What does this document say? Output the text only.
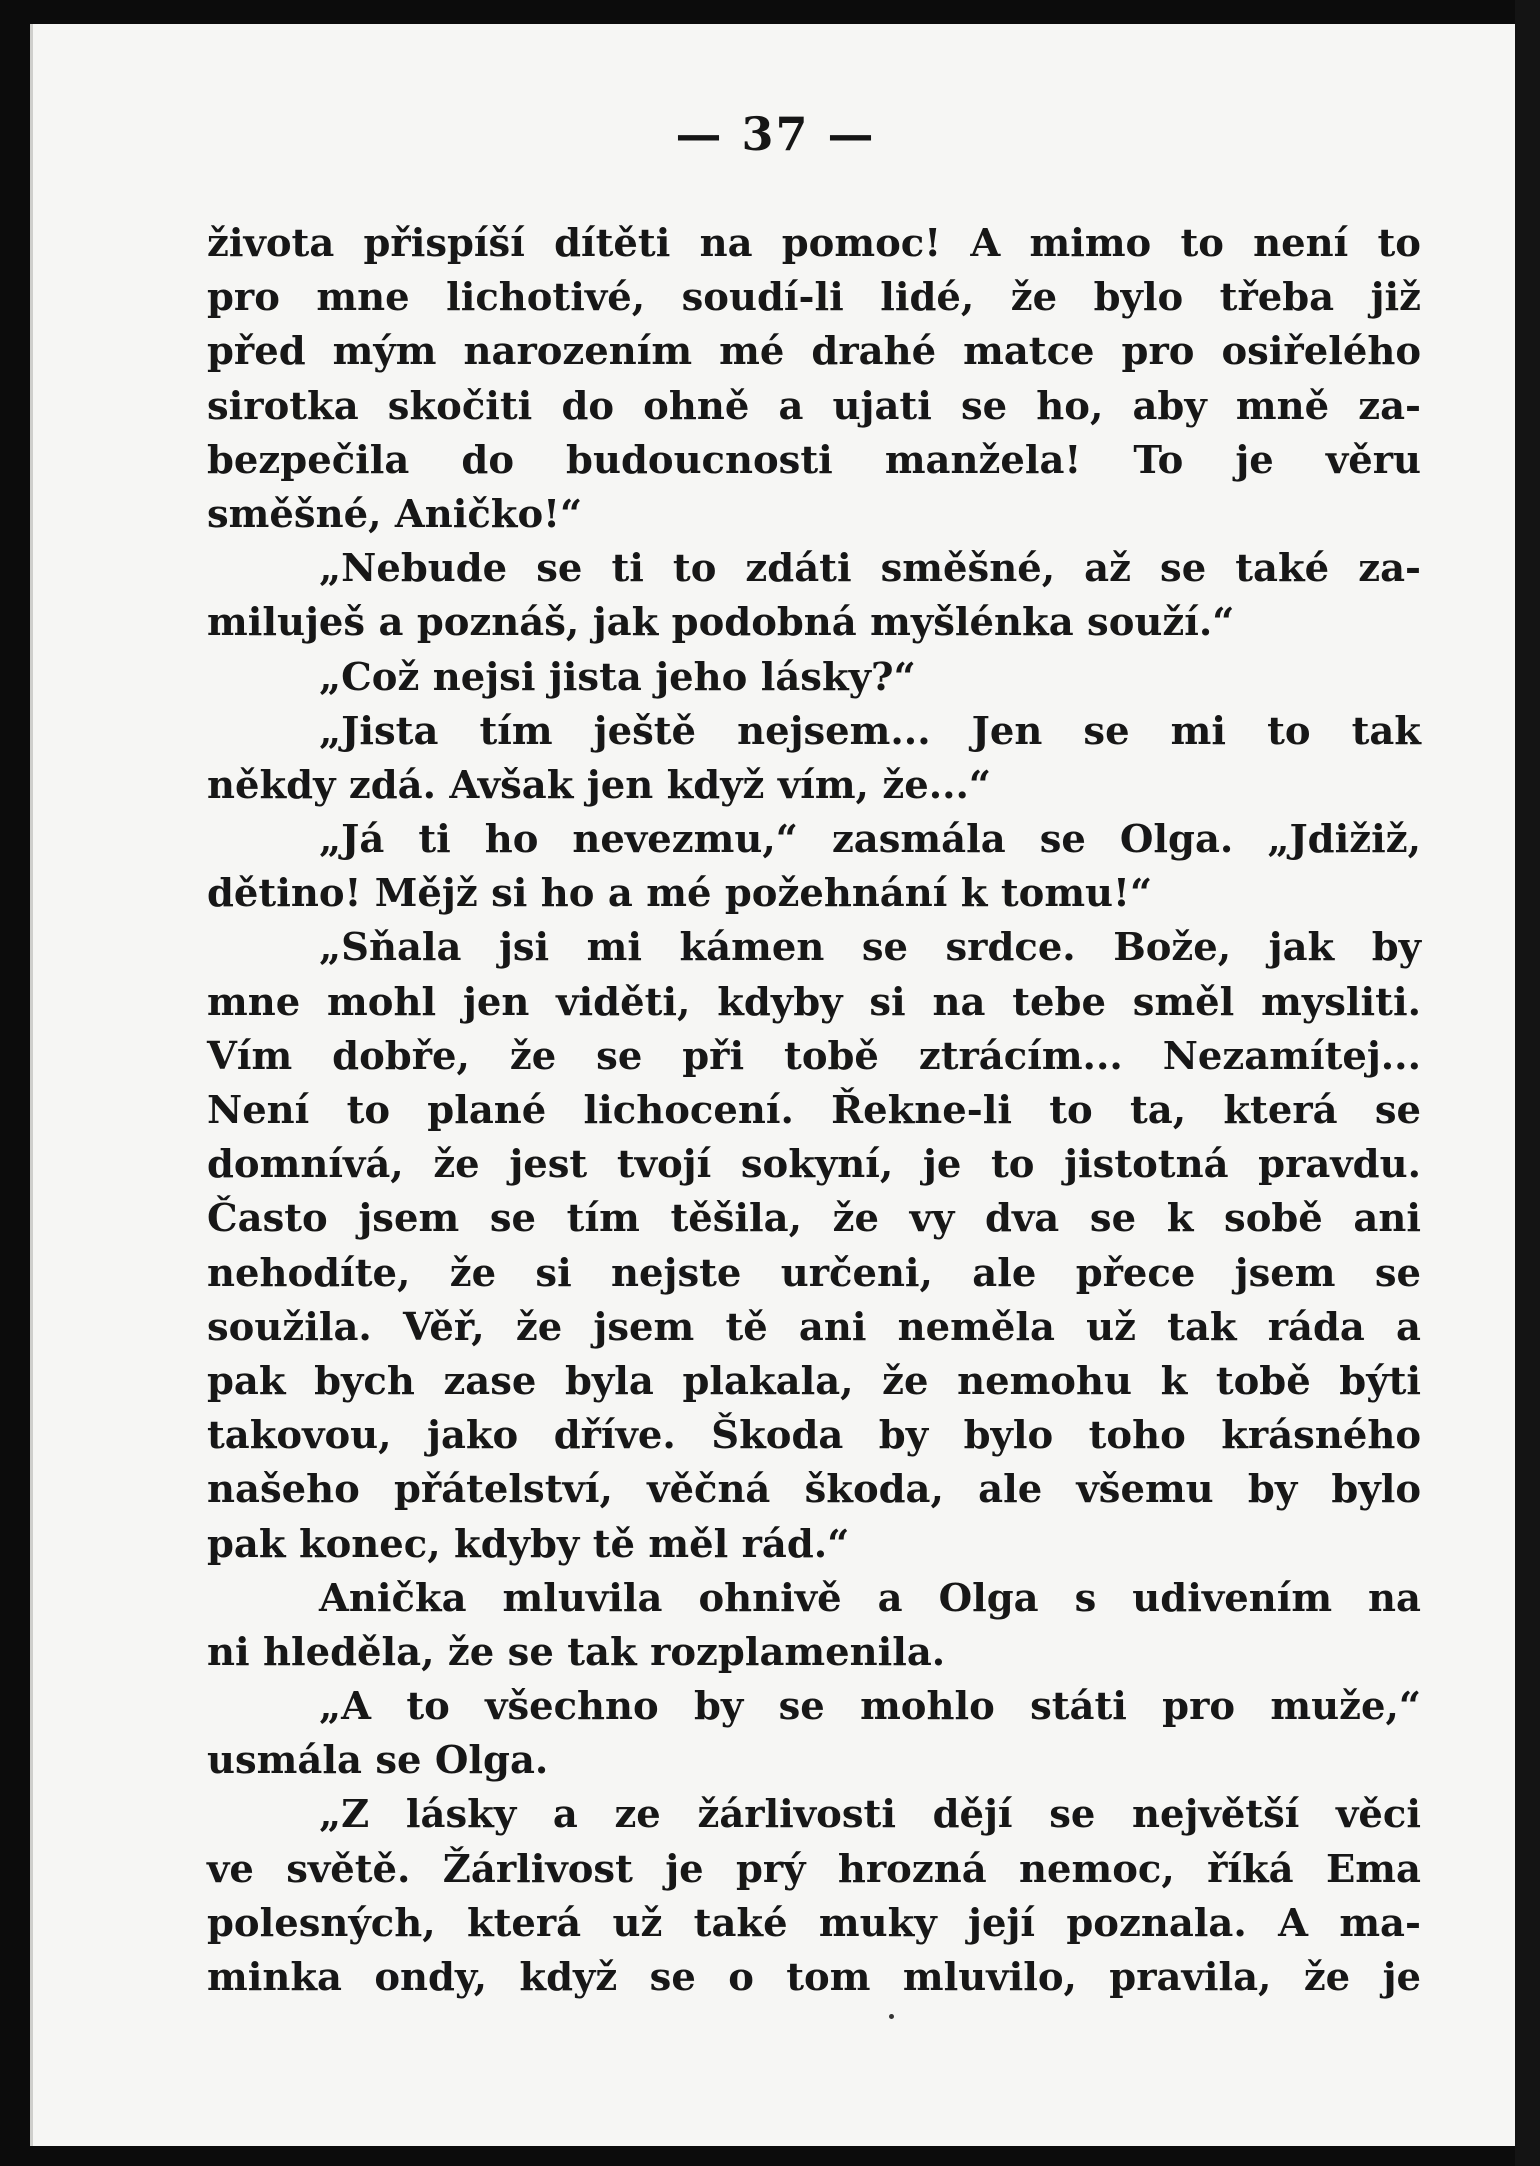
— 37 —
života přispíší dítěti na pomoc! A mimo to není to
pro mne lichotivé, soudí-li lidé, že bylo třeba již
před mým narozením mé drahé matce pro osiřelého
sirotka skočiti do ohně a ujati se ho, aby mně za-
bezpečila do budoucnosti manžela! To je věru
směšné, Aničko!“
„Nebude se ti to zdáti směšné, až se také za-
miluješ a poznáš, jak podobná myšlénka souží.“
„Což nejsi jista jeho lásky?“
„Jista tím ještě nejsem... Jen se mi to tak
někdy zdá. Avšak jen když vím, že...“
„Já ti ho nevezmu,“ zasmála se Olga. „Jdižiž,
dětino! Mějž si ho a mé požehnání k tomu!“
„Sňala jsi mi kámen se srdce. Bože, jak by
mne mohl jen viděti, kdyby si na tebe směl mysliti.
Vím dobře, že se při tobě ztrácím... Nezamítej...
Není to plané lichocení. Řekne-li to ta, která se
domnívá, že jest tvojí sokyní, je to jistotná pravdu.
Často jsem se tím těšila, že vy dva se k sobě ani
nehodíte, že si nejste určeni, ale přece jsem se
soužila. Věř, že jsem tě ani neměla už tak ráda a
pak bych zase byla plakala, že nemohu k tobě býti
takovou, jako dříve. Škoda by bylo toho krásného
našeho přátelství, věčná škoda, ale všemu by bylo
pak konec, kdyby tě měl rád.“
Anička mluvila ohnivě a Olga s udivením na
ni hleděla, že se tak rozplamenila.
„A to všechno by se mohlo státi pro muže,“
usmála se Olga.
„Z lásky a ze žárlivosti dějí se největší věci
ve světě. Žárlivost je prý hrozná nemoc, říká Ema
polesných, která už také muky její poznala. A ma-
minka ondy, když se o tom mluvilo, pravila, že je
